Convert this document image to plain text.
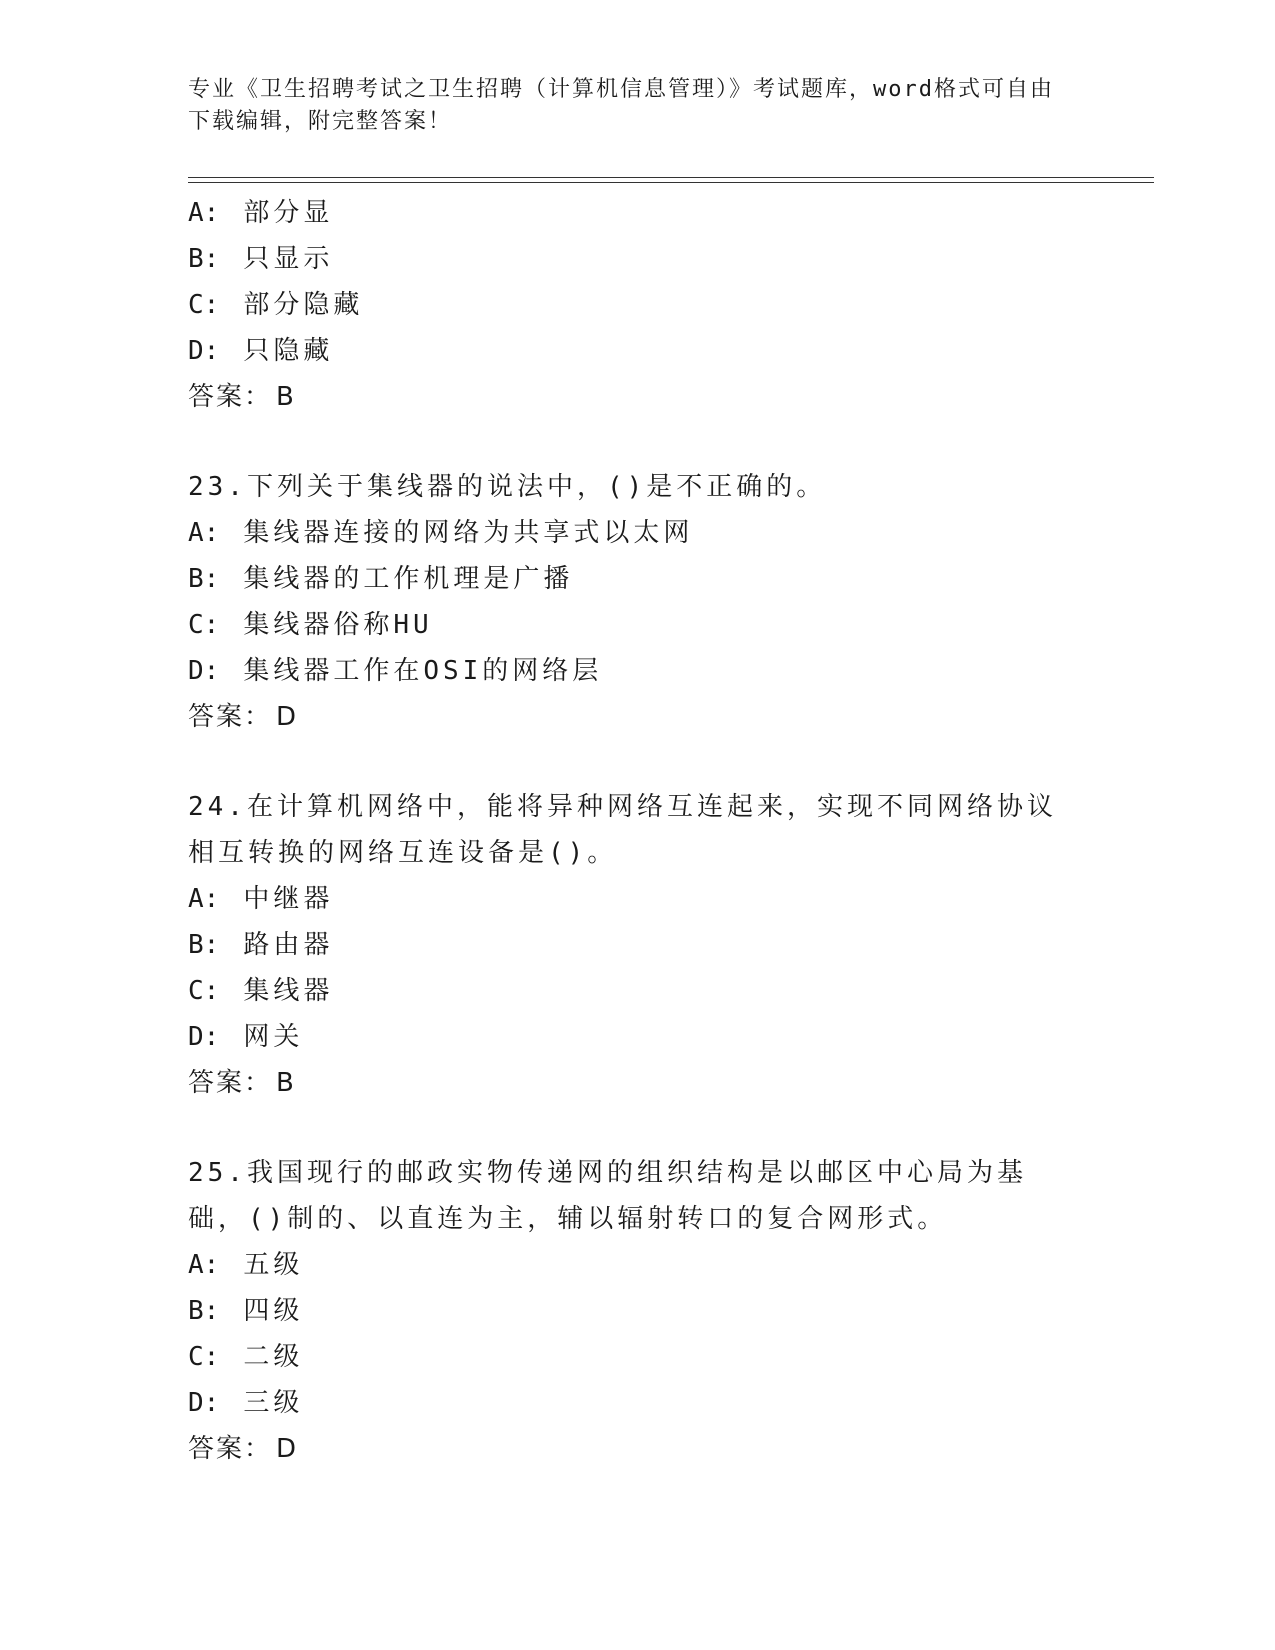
专业《卫生招聘考试之卫生招聘（计算机信息管理）》考试题库，word格式可自由下载编辑，附完整答案！
A: 部分显
B: 只显示
C: 部分隐藏
D: 只隐藏
答案： B
23.下列关于集线器的说法中，()是不正确的。
A: 集线器连接的网络为共享式以太网
B: 集线器的工作机理是广播
C: 集线器俗称HU
D: 集线器工作在OSI的网络层
答案： D
24.在计算机网络中，能将异种网络互连起来，实现不同网络协议相互转换的网络互连设备是()。
A: 中继器
B: 路由器
C: 集线器
D: 网关
答案： B
25.我国现行的邮政实物传递网的组织结构是以邮区中心局为基础，()制的、以直连为主，辅以辐射转口的复合网形式。
A: 五级
B: 四级
C: 二级
D: 三级
答案： D
